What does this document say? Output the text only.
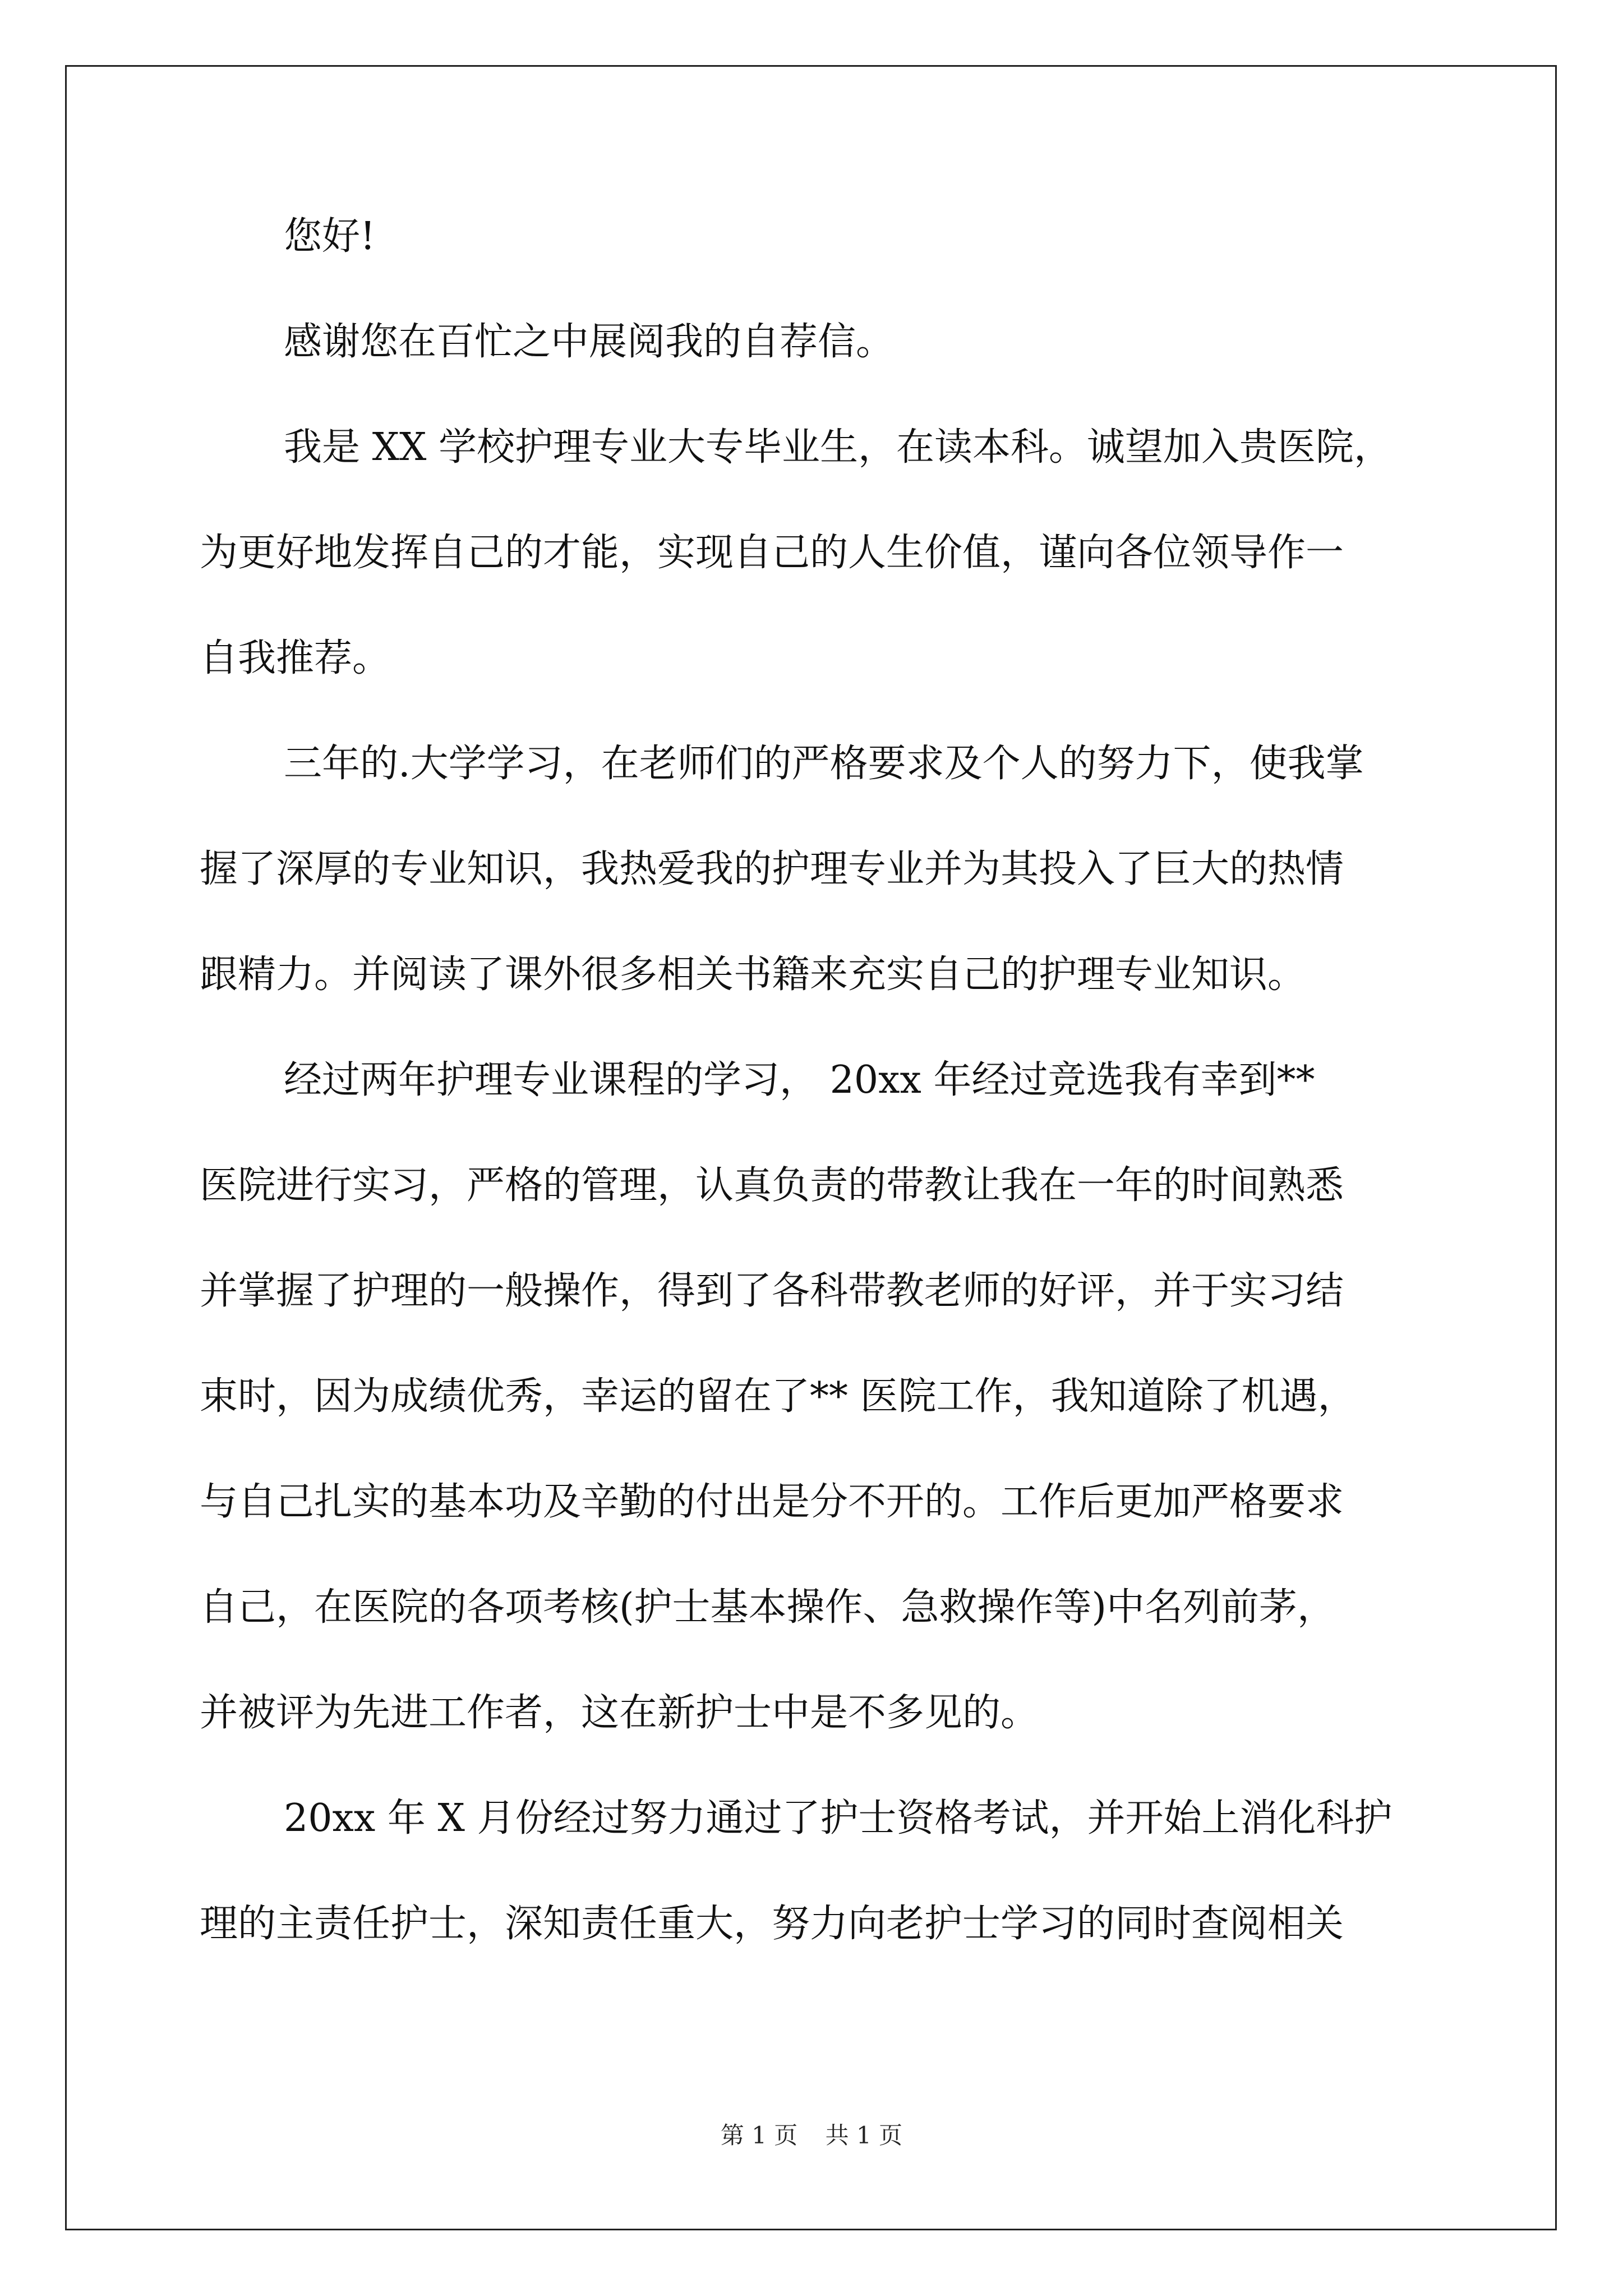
您好!
感谢您在百忙之中展阅我的自荐信。
我是 XX 学校护理专业大专毕业生，在读本科。诚望加入贵医院，
为更好地发挥自己的才能，实现自己的人生价值，谨向各位领导作一
自我推荐。
三年的.大学学习，在老师们的严格要求及个人的努力下，使我掌
握了深厚的专业知识，我热爱我的护理专业并为其投入了巨大的热情
跟精力。并阅读了课外很多相关书籍来充实自己的护理专业知识。
经过两年护理专业课程的学习， 20xx 年经过竞选我有幸到**
医院进行实习，严格的管理，认真负责的带教让我在一年的时间熟悉
并掌握了护理的一般操作，得到了各科带教老师的好评，并于实习结
束时，因为成绩优秀，幸运的留在了** 医院工作，我知道除了机遇，
与自己扎实的基本功及辛勤的付出是分不开的。工作后更加严格要求
自己，在医院的各项考核(护士基本操作、急救操作等)中名列前茅，
并被评为先进工作者，这在新护士中是不多见的。
20xx 年 X 月份经过努力通过了护士资格考试，并开始上消化科护
理的主责任护士，深知责任重大，努力向老护士学习的同时查阅相关
第 1 页 共 1 页
